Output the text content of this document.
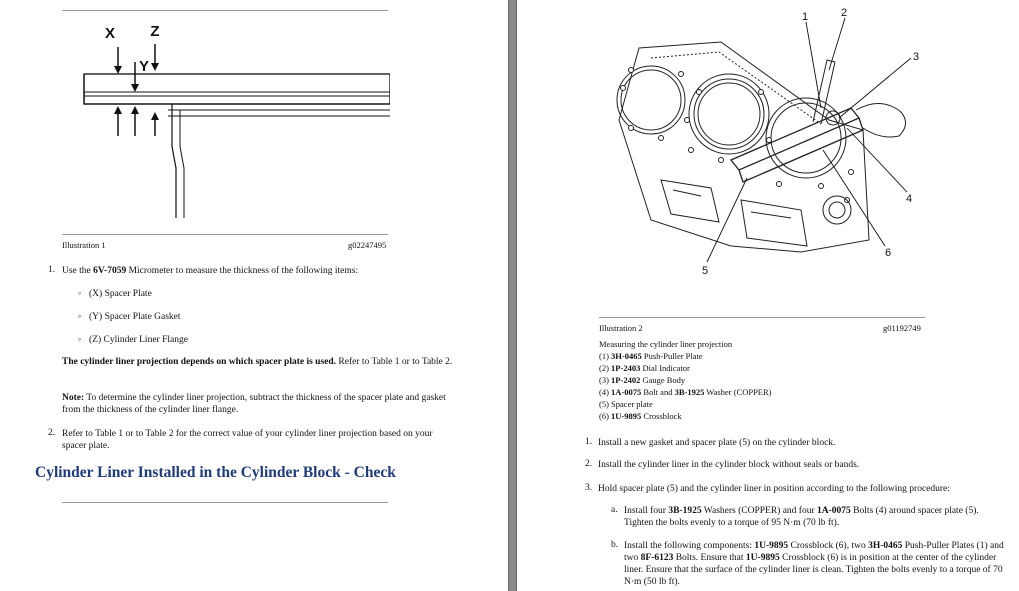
X Z
Y
Illustration 1	g02247495
1. Use the 6V-7059 Micrometer to measure the thickness of the following items:
◦ (X) Spacer Plate
◦ (Y) Spacer Plate Gasket
◦ (Z) Cylinder Liner Flange
The cylinder liner projection depends on which spacer plate is used. Refer to Table 1 or to Table 2.
Note: To determine the cylinder liner projection, subtract the thickness of the spacer plate and gasket from the thickness of the cylinder liner flange.
2. Refer to Table 1 or to Table 2 for the correct value of your cylinder liner projection based on your spacer plate.
Cylinder Liner Installed in the Cylinder Block - Check
1	2
3
4
5
6
Illustration 2	g01192749
Measuring the cylinder liner projection
(1) 3H-0465 Push-Puller Plate
(2) 1P-2403 Dial Indicator
(3) 1P-2402 Gauge Body
(4) 1A-0075 Bolt and 3B-1925 Washer (COPPER)
(5) Spacer plate
(6) 1U-9895 Crossblock
1. Install a new gasket and spacer plate (5) on the cylinder block.
2. Install the cylinder liner in the cylinder block without seals or bands.
3. Hold spacer plate (5) and the cylinder liner in position according to the following procedure:
a. Install four 3B-1925 Washers (COPPER) and four 1A-0075 Bolts (4) around spacer plate (5). Tighten the bolts evenly to a torque of 95 N·m (70 lb ft).
b. Install the following components: 1U-9895 Crossblock (6), two 3H-0465 Push-Puller Plates (1) and two 8F-6123 Bolts. Ensure that 1U-9895 Crossblock (6) is in position at the center of the cylinder liner. Ensure that the surface of the cylinder liner is clean. Tighten the bolts evenly to a torque of 70 N·m (50 lb ft).
